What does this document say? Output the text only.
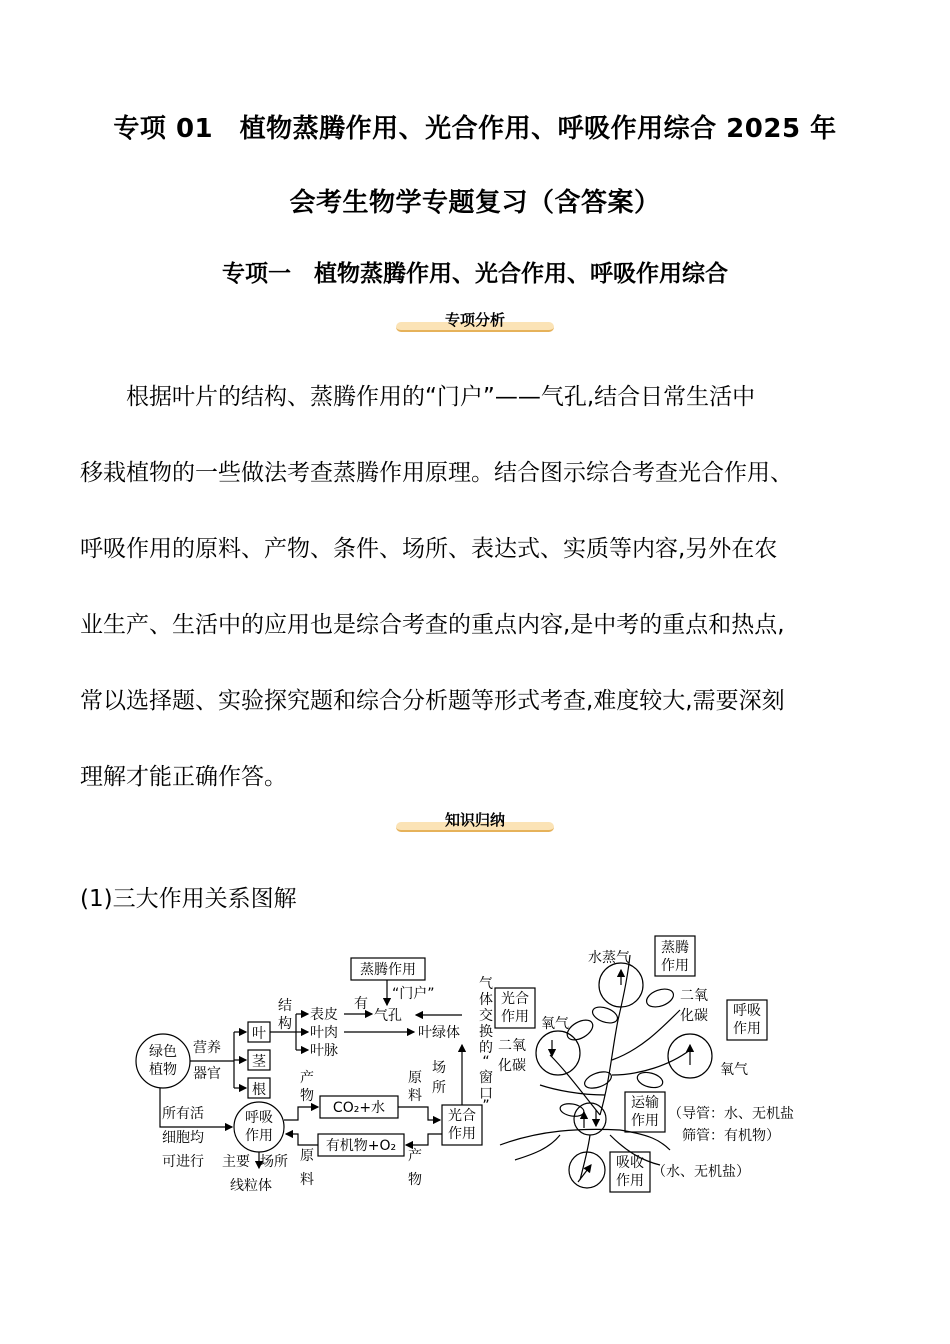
专项 01　植物蒸腾作用、光合作用、呼吸作用综合 2025 年
会考生物学专题复习（含答案）
专项一　植物蒸腾作用、光合作用、呼吸作用综合
专项分析
　　根据叶片的结构、蒸腾作用的“门户”——气孔,结合日常生活中
移栽植物的一些做法考查蒸腾作用原理。结合图示综合考查光合作用、
呼吸作用的原料、产物、条件、场所、表达式、实质等内容,另外在农
业生产、生活中的应用也是综合考查的重点内容,是中考的重点和热点,
常以选择题、实验探究题和综合分析题等形式考查,难度较大,需要深刻
理解才能正确作答。
知识归纳
(1)三大作用关系图解
绿色
植物
营养
器官
叶
茎
根
结
构
表皮
叶肉
叶脉
蒸腾作用
有
“门户”
气孔
叶绿体
所有活
细胞均
可进行
呼吸
作用
光合
作用
产
物
原
料
原
料
场
所
产
物
CO₂+水
有机物+O₂
主要 场所
线粒体
气
体
交
换
的
“
窗
口
”
水蒸气
蒸腾
作用
光合
作用 氧气
二氧
化碳
二氧
化碳 呼吸
作用
氧气
运输
作用 （导管：水、无机盐
筛管：有机物）
吸收
作用
（水、无机盐）
